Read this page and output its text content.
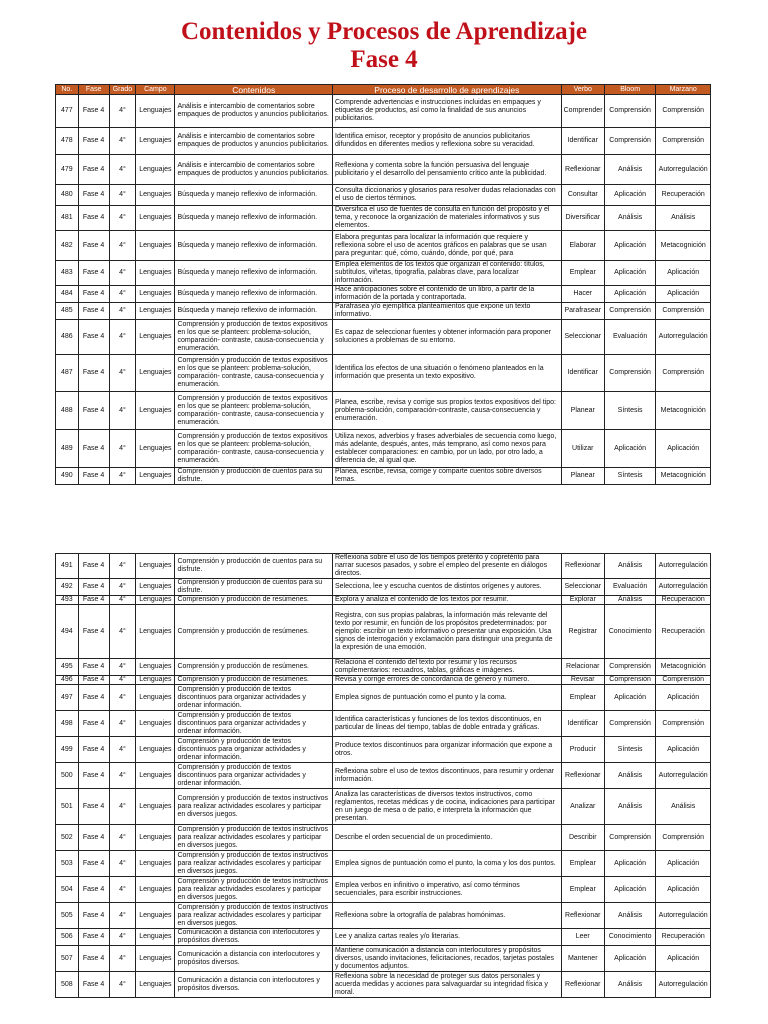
Contenidos y Procesos de Aprendizaje
Fase 4
No.	Fase	Grado	Campo	Contenidos	Proceso de desarrollo de aprendizajes	Verbo	Bloom	Marzano
477	Fase 4	4°	Lenguajes	Análisis e intercambio de comentarios sobre empaques de productos y anuncios publicitarios.	Comprende advertencias e instrucciones incluidas en empaques y etiquetas de productos, así como la finalidad de sus anuncios publicitarios.	Comprender	Comprensión	Comprensión
478	Fase 4	4°	Lenguajes	Análisis e intercambio de comentarios sobre empaques de productos y anuncios publicitarios.	Identifica emisor, receptor y propósito de anuncios publicitarios difundidos en diferentes medios y reflexiona sobre su veracidad.	Identificar	Comprensión	Comprensión
479	Fase 4	4°	Lenguajes	Análisis e intercambio de comentarios sobre empaques de productos y anuncios publicitarios.	Reflexiona y comenta sobre la función persuasiva del lenguaje publicitario y el desarrollo del pensamiento crítico ante la publicidad.	Reflexionar	Análisis	Autorregulación
480	Fase 4	4°	Lenguajes	Búsqueda y manejo reflexivo de información.	Consulta diccionarios y glosarios para resolver dudas relacionadas con el uso de ciertos términos.	Consultar	Aplicación	Recuperación
481	Fase 4	4°	Lenguajes	Búsqueda y manejo reflexivo de información.	Diversifica el uso de fuentes de consulta en función del propósito y el tema, y reconoce la organización de materiales informativos y sus elementos.	Diversificar	Análisis	Análisis
482	Fase 4	4°	Lenguajes	Búsqueda y manejo reflexivo de información.	Elabora preguntas para localizar la información que requiere y reflexiona sobre el uso de acentos gráficos en palabras que se usan para preguntar: qué, cómo, cuándo, dónde, por qué, para	Elaborar	Aplicación	Metacognición
483	Fase 4	4°	Lenguajes	Búsqueda y manejo reflexivo de información.	Emplea elementos de los textos que organizan el contenido: títulos, subtítulos, viñetas, tipografía, palabras clave, para localizar información.	Emplear	Aplicación	Aplicación
484	Fase 4	4°	Lenguajes	Búsqueda y manejo reflexivo de información.	Hace anticipaciones sobre el contenido de un libro, a partir de la información de la portada y contraportada.	Hacer	Aplicación	Aplicación
485	Fase 4	4°	Lenguajes	Búsqueda y manejo reflexivo de información.	Parafrasea y/o ejemplifica planteamientos que expone un texto informativo.	Parafrasear	Comprensión	Comprensión
486	Fase 4	4°	Lenguajes	Comprensión y producción de textos expositivos en los que se planteen: problema-solución, comparación- contraste, causa-consecuencia y enumeración.	Es capaz de seleccionar fuentes y obtener información para proponer soluciones a problemas de su entorno.	Seleccionar	Evaluación	Autorregulación
487	Fase 4	4°	Lenguajes	Comprensión y producción de textos expositivos en los que se planteen: problema-solución, comparación- contraste, causa-consecuencia y enumeración.	Identifica los efectos de una situación o fenómeno planteados en la información que presenta un texto expositivo.	Identificar	Comprensión	Comprensión
488	Fase 4	4°	Lenguajes	Comprensión y producción de textos expositivos en los que se planteen: problema-solución, comparación- contraste, causa-consecuencia y enumeración.	Planea, escribe, revisa y corrige sus propios textos expositivos del tipo: problema-solución, comparación-contraste, causa-consecuencia y enumeración.	Planear	Síntesis	Metacognición
489	Fase 4	4°	Lenguajes	Comprensión y producción de textos expositivos en los que se planteen: problema-solución, comparación- contraste, causa-consecuencia y enumeración.	Utiliza nexos, adverbios y frases adverbiales de secuencia como luego, más adelante, después, antes, más temprano, así como nexos para establecer comparaciones: en cambio, por un lado, por otro lado, a diferencia de, al igual que.	Utilizar	Aplicación	Aplicación
490	Fase 4	4°	Lenguajes	Comprensión y producción de cuentos para su disfrute.	Planea, escribe, revisa, corrige y comparte cuentos sobre diversos temas.	Planear	Síntesis	Metacognición
491	Fase 4	4°	Lenguajes	Comprensión y producción de cuentos para su disfrute.	Reflexiona sobre el uso de los tiempos pretérito y copretérito para narrar sucesos pasados, y sobre el empleo del presente en diálogos directos.	Reflexionar	Análisis	Autorregulación
492	Fase 4	4°	Lenguajes	Comprensión y producción de cuentos para su disfrute.	Selecciona, lee y escucha cuentos de distintos orígenes y autores.	Seleccionar	Evaluación	Autorregulación
493	Fase 4	4°	Lenguajes	Comprensión y producción de resúmenes.	Explora y analiza el contenido de los textos por resumir.	Explorar	Análisis	Recuperación
494	Fase 4	4°	Lenguajes	Comprensión y producción de resúmenes.	Registra, con sus propias palabras, la información más relevante del texto por resumir, en función de los propósitos predeterminados: por ejemplo: escribir un texto informativo o presentar una exposición. Usa signos de interrogación y exclamación para distinguir una pregunta de la expresión de una emoción.	Registrar	Conocimiento	Recuperación
495	Fase 4	4°	Lenguajes	Comprensión y producción de resúmenes.	Relaciona el contenido del texto por resumir y los recursos complementarios: recuadros, tablas, gráficas e imágenes.	Relacionar	Comprensión	Metacognición
496	Fase 4	4°	Lenguajes	Comprensión y producción de resúmenes.	Revisa y corrige errores de concordancia de género y número.	Revisar	Comprensión	Comprensión
497	Fase 4	4°	Lenguajes	Comprensión y producción de textos discontinuos para organizar actividades y ordenar información.	Emplea signos de puntuación como el punto y la coma.	Emplear	Aplicación	Aplicación
498	Fase 4	4°	Lenguajes	Comprensión y producción de textos discontinuos para organizar actividades y ordenar información.	Identifica características y funciones de los textos discontinuos, en particular de líneas del tiempo, tablas de doble entrada y gráficas.	Identificar	Comprensión	Comprensión
499	Fase 4	4°	Lenguajes	Comprensión y producción de textos discontinuos para organizar actividades y ordenar información.	Produce textos discontinuos para organizar información que expone a otros.	Producir	Síntesis	Aplicación
500	Fase 4	4°	Lenguajes	Comprensión y producción de textos discontinuos para organizar actividades y ordenar información.	Reflexiona sobre el uso de textos discontinuos, para resumir y ordenar información.	Reflexionar	Análisis	Autorregulación
501	Fase 4	4°	Lenguajes	Comprensión y producción de textos instructivos para realizar actividades escolares y participar en diversos juegos.	Analiza las características de diversos textos instructivos, como reglamentos, recetas médicas y de cocina, indicaciones para participar en un juego de mesa o de patio, e interpreta la información que presentan.	Analizar	Análisis	Análisis
502	Fase 4	4°	Lenguajes	Comprensión y producción de textos instructivos para realizar actividades escolares y participar en diversos juegos.	Describe el orden secuencial de un procedimiento.	Describir	Comprensión	Comprensión
503	Fase 4	4°	Lenguajes	Comprensión y producción de textos instructivos para realizar actividades escolares y participar en diversos juegos.	Emplea signos de puntuación como el punto, la coma y los dos puntos.	Emplear	Aplicación	Aplicación
504	Fase 4	4°	Lenguajes	Comprensión y producción de textos instructivos para realizar actividades escolares y participar en diversos juegos.	Emplea verbos en infinitivo o imperativo, así como términos secuenciales, para escribir instrucciones.	Emplear	Aplicación	Aplicación
505	Fase 4	4°	Lenguajes	Comprensión y producción de textos instructivos para realizar actividades escolares y participar en diversos juegos.	Reflexiona sobre la ortografía de palabras homónimas.	Reflexionar	Análisis	Autorregulación
506	Fase 4	4°	Lenguajes	Comunicación a distancia con interlocutores y propósitos diversos.	Lee y analiza cartas reales y/o literarias.	Leer	Conocimiento	Recuperación
507	Fase 4	4°	Lenguajes	Comunicación a distancia con interlocutores y propósitos diversos.	Mantiene comunicación a distancia con interlocutores y propósitos diversos, usando invitaciones, felicitaciones, recados, tarjetas postales y documentos adjuntos.	Mantener	Aplicación	Aplicación
508	Fase 4	4°	Lenguajes	Comunicación a distancia con interlocutores y propósitos diversos.	Reflexiona sobre la necesidad de proteger sus datos personales y acuerda medidas y acciones para salvaguardar su integridad física y moral.	Reflexionar	Análisis	Autorregulación
